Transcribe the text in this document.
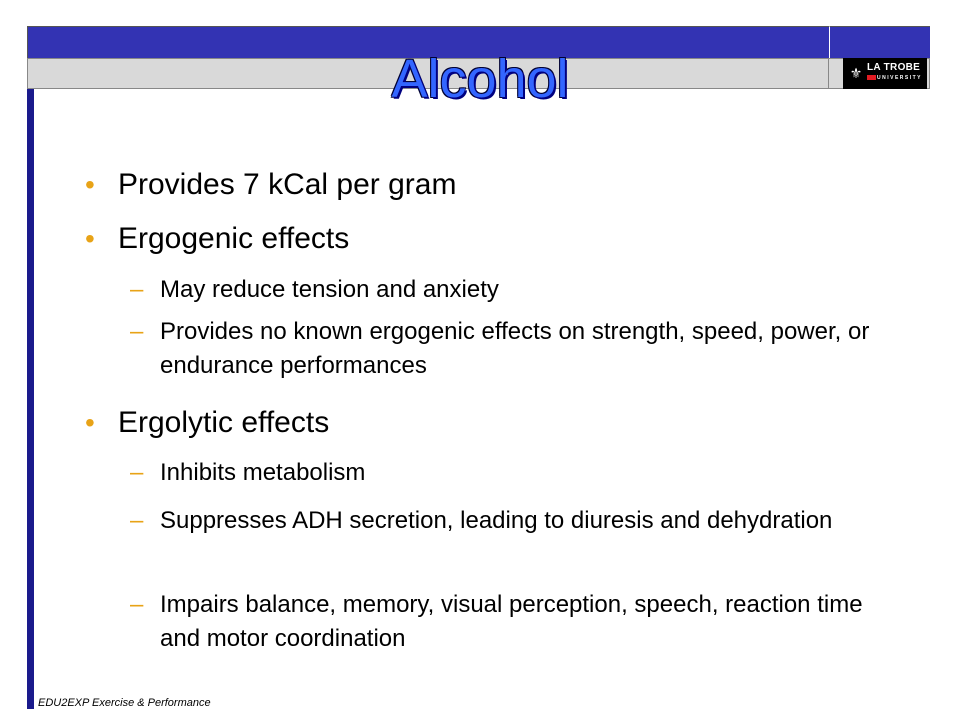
⚜ LA TROBE
UNIVERSITY
Alcohol
• Provides 7 kCal per gram
• Ergogenic effects
– May reduce tension and anxiety
– Provides no known ergogenic effects on strength, speed, power, or endurance performances
• Ergolytic effects
– Inhibits metabolism
– Suppresses ADH secretion, leading to diuresis and dehydration
– Impairs balance, memory, visual perception, speech, reaction time and motor coordination
EDU2EXP Exercise & Performance
